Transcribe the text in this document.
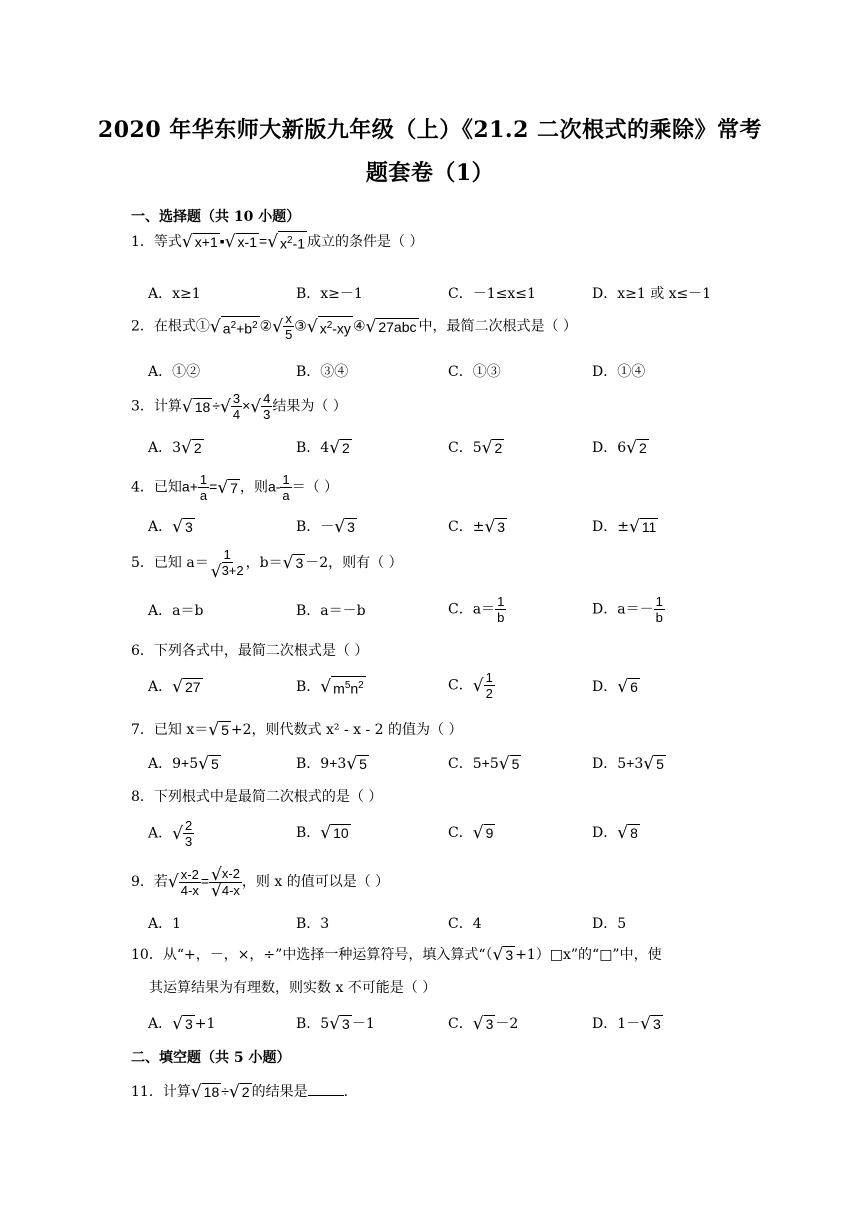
2020 年华东师大新版九年级（上）《21.2 二次根式的乘除》常考
题套卷（1）
一、选择题（共 10 小题）
1．等式√ x+1 ▪√ x-1 =√ $x^2-1$ 成立的条件是（ ）
A．x≥1	B．x≥－1	C．－1≤x≤1	D．x≥1 或 x≤－1
2．在根式①√ $a^2+b^2$ ②√ $\frac{x}{5}$ ③√ $x^2-xy$ ④√ 27abc 中，最简二次根式是（ ）
A．①②	B．③④	C．①③	D．①④
3．计算√ 18 ÷√ $\frac{3}{4}$ ×√ $\frac{4}{3}$ 结果为（ ）
A．3√ 2	B．4√ 2	C．5√ 2	D．6√ 2
4．已知$a+ \frac{1}{a}$ =√ 7 ，则$a- \frac{1}{a}$ ＝（ ）
A．√ 3	B．－√ 3	C．±√ 3	D．±√ 11
5．已知 $a= \frac{1}{√3+2}$ ，b＝√ 3 －2，则有（ ）
A．a＝b	B．a＝－b	C．$a= \frac{1}{b}$	D．$a=- \frac{1}{b}$
6．下列各式中，最简二次根式是（ ）
A．√ 27	B．√ $m^5n^2$	C．√ $\frac{1}{2}$	D．√ 6
7．已知 x＝√ 5 +2，则代数式 x² - x - 2 的值为（ ）
A．9+5√ 5	B．9+3√ 5	C．5+5√ 5	D．5+3√ 5
8．下列根式中是最简二次根式的是（ ）
A．√ $\frac{2}{3}$	B．√ 10	C．√ 9	D．√ 8
9．若√ $\frac{x-2}{4-x} = \frac{√x-2}{√4-x}$ ，则 x 的值可以是（ ）
A．1	B．3	C．4	D．5
10．从“+，－，×，÷”中选择一种运算符号，填入算式“（√ 3 +1）□x”的“□”中，使
其运算结果为有理数，则实数 x 不可能是（ ）
A．√ 3 +1	B．5√ 3 －1	C．√ 3 －2	D．1－√ 3
二、填空题（共 5 小题）
11．计算√ 18 ÷√ 2 的结果是	.
